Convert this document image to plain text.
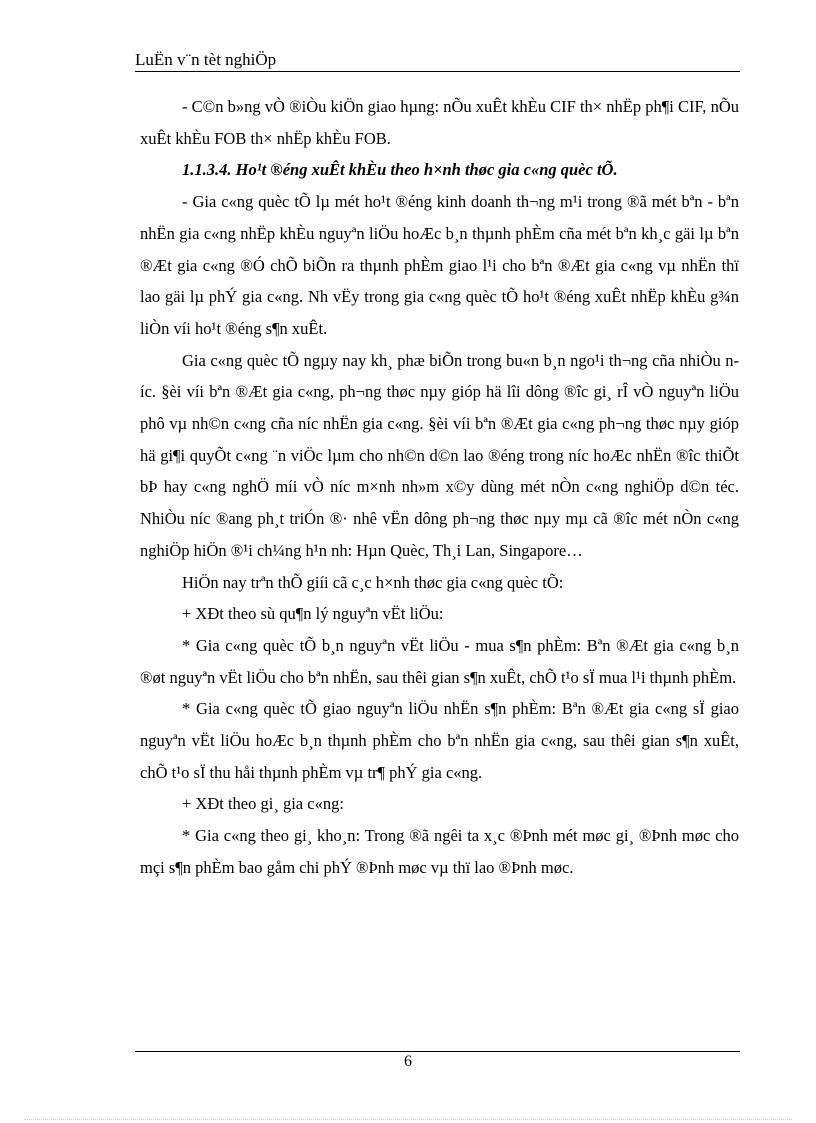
LuËn v¨n tèt nghiÖp

- C©n b»ng vÒ ®iÒu kiÖn giao hµng: nÕu xuÊt khÈu CIF th× nhËp ph¶i CIF, nÕu xuÊt khÈu FOB th× nhËp khÈu FOB.

1.1.3.4. Ho¹t ®éng xuÊt khÈu theo h×nh thøc gia c«ng quèc tÕ.

- Gia c«ng quèc tÕ lµ mét ho¹t ®éng kinh doanh th¬ng m¹i trong ®ã mét bªn - bªn nhËn gia c«ng nhËp khÈu nguyªn liÖu hoÆc b¸n thµnh phÈm cña mét bªn kh¸c gäi lµ bªn ®Æt gia c«ng ®Ó chÕ biÕn ra thµnh phÈm giao l¹i cho bªn ®Æt gia c«ng vµ nhËn thï lao gäi lµ phÝ gia c«ng. Nh vËy trong gia c«ng quèc tÕ ho¹t ®éng xuÊt nhËp khÈu g¾n liÒn víi ho¹t ®éng s¶n xuÊt.

Gia c«ng quèc tÕ ngµy nay kh¸ phæ biÕn trong bu«n b¸n ngo¹i th¬ng cña nhiÒu níc. §èi víi bªn ®Æt gia c«ng, ph¬ng thøc nµy gióp hä lîi dông ®îc gi¸ rÎ vÒ nguyªn liÖu phô vµ nh©n c«ng cña níc nhËn gia c«ng. §èi víi bªn ®Æt gia c«ng ph¬ng thøc nµy gióp hä gi¶i quyÕt c«ng ¨n viÖc lµm cho nh©n d©n lao ®éng trong níc hoÆc nhËn ®îc thiÕt bÞ hay c«ng nghÖ míi vÒ níc m×nh nh»m x©y dùng mét nÒn c«ng nghiÖp d©n téc. NhiÒu níc ®ang ph¸t triÓn ®· nhê vËn dông ph¬ng thøc nµy mµ cã ®îc mét nÒn c«ng nghiÖp hiÖn ®¹i ch¼ng h¹n nh: Hµn Quèc, Th¸i Lan, Singapore…

HiÖn nay trªn thÕ giíi cã c¸c h×nh thøc gia c«ng quèc tÕ:

+ XÐt theo sù qu¶n lý nguyªn vËt liÖu:

* Gia c«ng quèc tÕ b¸n nguyªn vËt liÖu - mua s¶n phÈm: Bªn ®Æt gia c«ng b¸n ®øt nguyªn vËt liÖu cho bªn nhËn, sau thêi gian s¶n xuÊt, chÕ t¹o sÏ mua l¹i thµnh phÈm.

* Gia c«ng quèc tÕ giao nguyªn liÖu nhËn s¶n phÈm: Bªn ®Æt gia c«ng sÏ giao nguyªn vËt liÖu hoÆc b¸n thµnh phÈm cho bªn nhËn gia c«ng, sau thêi gian s¶n xuÊt, chÕ t¹o sÏ thu håi thµnh phÈm vµ tr¶ phÝ gia c«ng.

+ XÐt theo gi¸ gia c«ng:

* Gia c«ng theo gi¸ kho¸n: Trong ®ã ngêi ta x¸c ®Þnh mét møc gi¸ ®Þnh møc cho mçi s¶n phÈm bao gåm chi phÝ ®Þnh møc vµ thï lao ®Þnh møc.

6
